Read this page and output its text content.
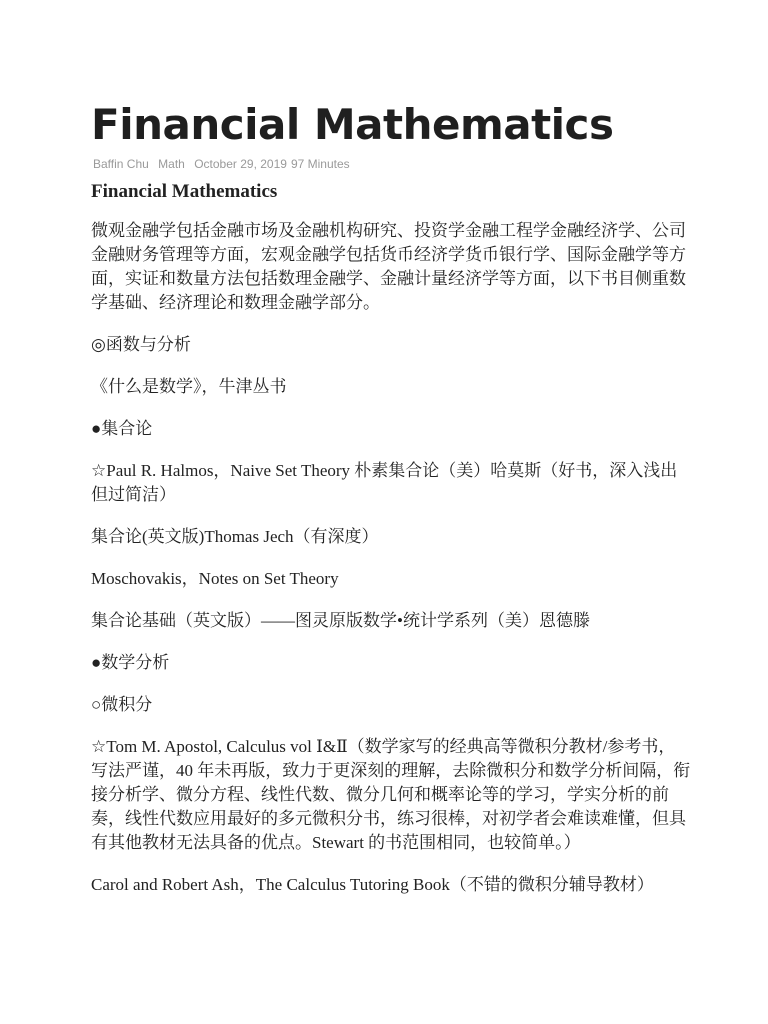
Financial Mathematics
Baffin Chu Math October 29, 2019 97 Minutes
Financial Mathematics

微观金融学包括金融市场及金融机构研究、投资学金融工程学金融经济学、公司金融财务管理等方面，宏观金融学包括货币经济学货币银行学、国际金融学等方面，实证和数量方法包括数理金融学、金融计量经济学等方面，以下书目侧重数学基础、经济理论和数理金融学部分。

◎函数与分析

《什么是数学》，牛津丛书

●集合论

☆Paul R. Halmos，Naive Set Theory 朴素集合论（美）哈莫斯（好书，深入浅出但过简洁）

集合论(英文版)Thomas Jech（有深度）

Moschovakis，Notes on Set Theory

集合论基础（英文版）——图灵原版数学•统计学系列（美）恩德滕

●数学分析

○微积分

☆Tom M. Apostol, Calculus vol Ⅰ&Ⅱ（数学家写的经典高等微积分教材/参考书，写法严谨，40 年未再版，致力于更深刻的理解，去除微积分和数学分析间隔，衔接分析学、微分方程、线性代数、微分几何和概率论等的学习，学实分析的前奏，线性代数应用最好的多元微积分书，练习很棒，对初学者会难读难懂，但具有其他教材无法具备的优点。Stewart 的书范围相同，也较简单。）

Carol and Robert Ash，The Calculus Tutoring Book（不错的微积分辅导教材）
